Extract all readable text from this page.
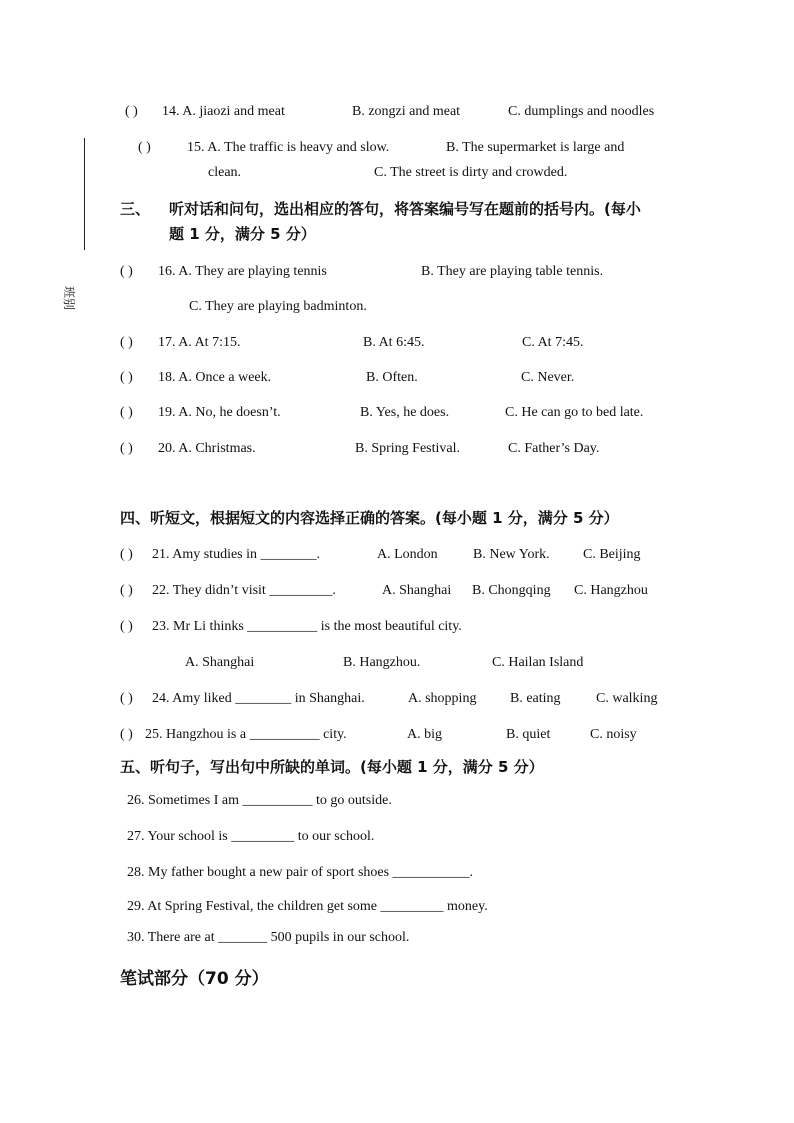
班别
( ) 14. A. jiaozi and meat	B. zongzi and meat	C. dumplings and noodles
( )	15. A. The traffic is heavy and slow.	B. The supermarket is large and
clean.	C. The street is dirty and crowded.
三、 听对话和问句，选出相应的答句，将答案编号写在题前的括号内。(每小
题 1 分，满分 5 分）
( ) 16. A. They are playing tennis	B. They are playing table tennis.
C. They are playing badminton.
( ) 17. A. At 7:15.	B. At 6:45.	C. At 7:45.
( ) 18. A. Once a week.	B. Often.	C. Never.
( ) 19. A. No, he doesn’t.	B. Yes, he does.	C. He can go to bed late.
( ) 20. A. Christmas.	B. Spring Festival.	C. Father’s Day.
四、听短文，根据短文的内容选择正确的答案。(每小题 1 分，满分 5 分）
( ) 21. Amy studies in ________.	A. London	B. New York. C. Beijing
( ) 22. They didn’t visit _________.	A. Shanghai B. Chongqing C. Hangzhou
( ) 23. Mr Li thinks __________ is the most beautiful city.
A. Shanghai	B. Hangzhou.	C. Hailan Island
( ) 24. Amy liked ________ in Shanghai.	A. shopping B. eating	C. walking
( ) 25. Hangzhou is a __________ city.	A. big	B. quiet	C. noisy
五、听句子，写出句中所缺的单词。(每小题 1 分，满分 5 分）
26. Sometimes I am __________ to go outside.
27. Your school is _________ to our school.
28. My father bought a new pair of sport shoes ___________.
29. At Spring Festival, the children get some _________ money.
30. There are at _______ 500 pupils in our school.
笔试部分（70 分）
